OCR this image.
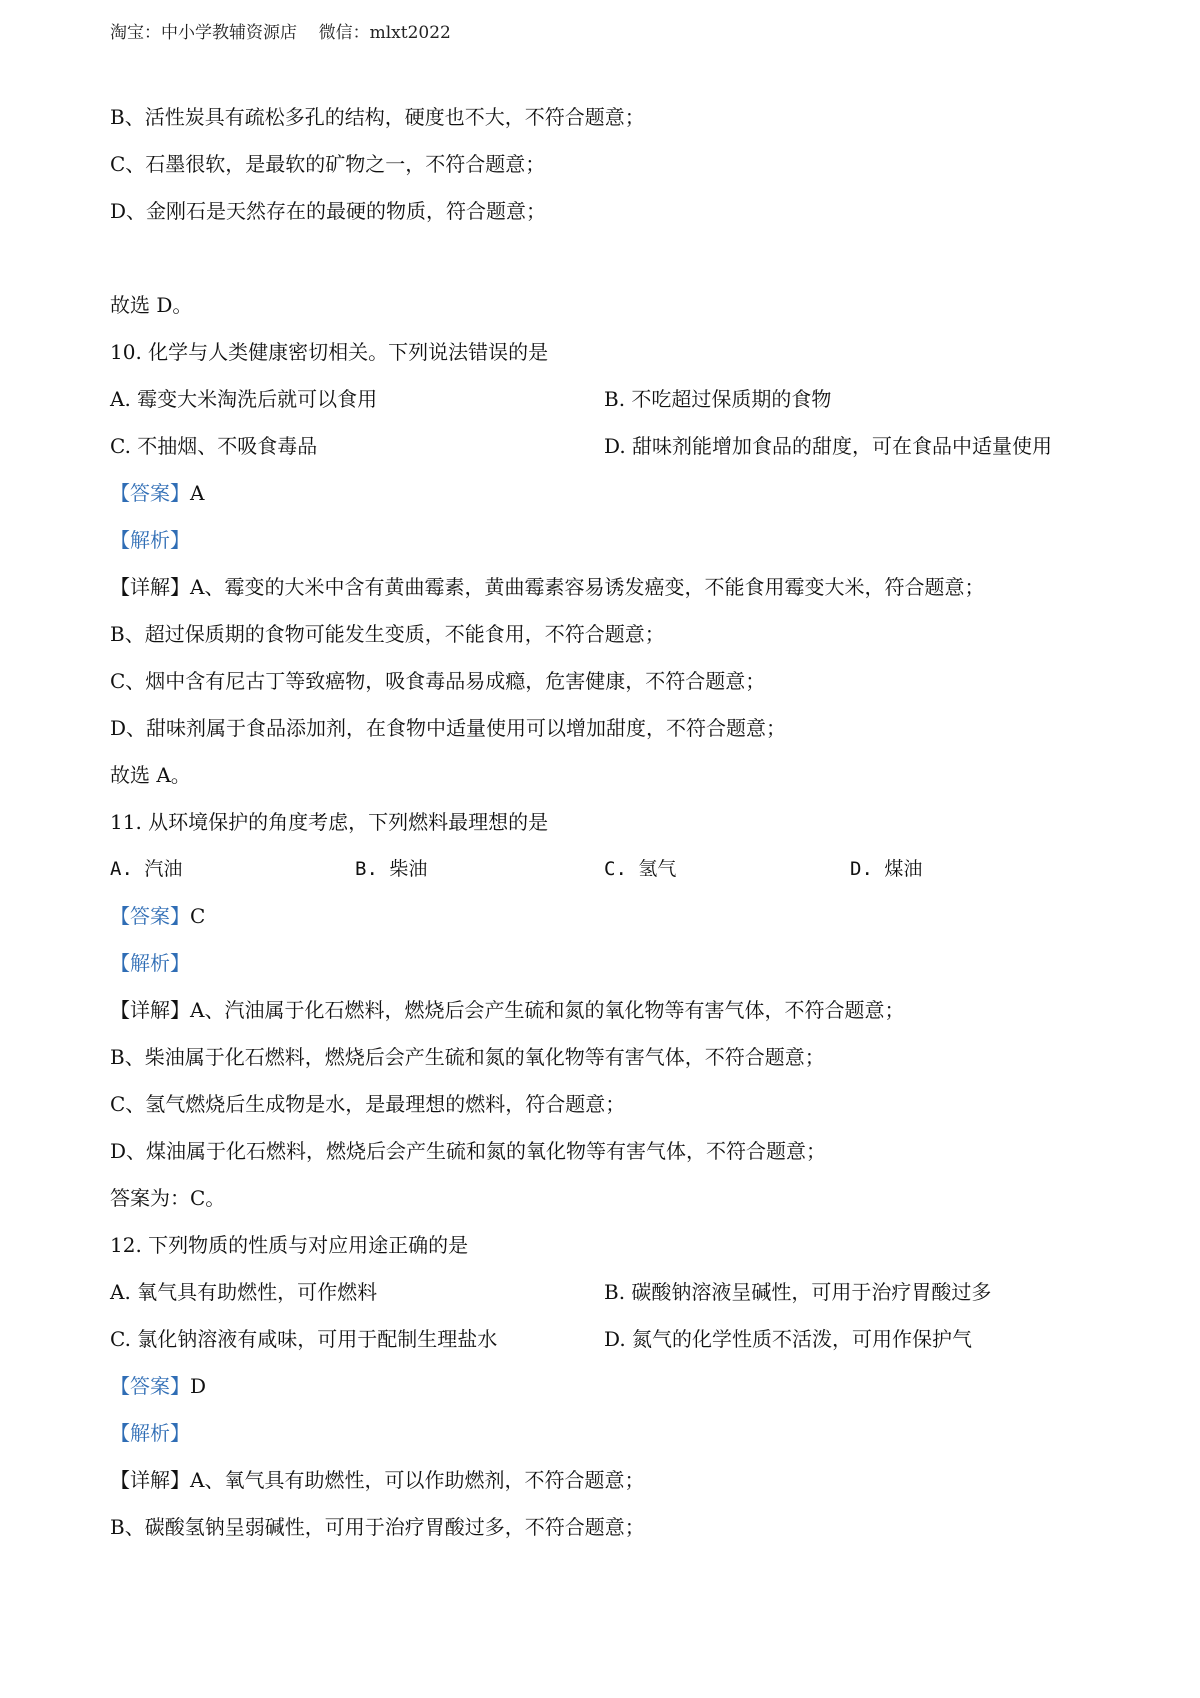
淘宝：中小学教辅资源店 微信：mlxt2022
B、活性炭具有疏松多孔的结构，硬度也不大，不符合题意；
C、石墨很软，是最软的矿物之一，不符合题意；
D、金刚石是天然存在的最硬的物质，符合题意；
故选 D。
10. 化学与人类健康密切相关。下列说法错误的是
A. 霉变大米淘洗后就可以食用	B. 不吃超过保质期的食物
C. 不抽烟、不吸食毒品	D. 甜味剂能增加食品的甜度，可在食品中适量使用
【答案】A
【解析】
【详解】A、霉变的大米中含有黄曲霉素，黄曲霉素容易诱发癌变，不能食用霉变大米，符合题意；
B、超过保质期的食物可能发生变质，不能食用，不符合题意；
C、烟中含有尼古丁等致癌物，吸食毒品易成瘾，危害健康，不符合题意；
D、甜味剂属于食品添加剂，在食物中适量使用可以增加甜度，不符合题意；
故选 A。
11. 从环境保护的角度考虑，下列燃料最理想的是
A. 汽油	B. 柴油	C. 氢气	D. 煤油
【答案】C
【解析】
【详解】A、汽油属于化石燃料，燃烧后会产生硫和氮的氧化物等有害气体，不符合题意；
B、柴油属于化石燃料，燃烧后会产生硫和氮的氧化物等有害气体，不符合题意；
C、氢气燃烧后生成物是水，是最理想的燃料，符合题意；
D、煤油属于化石燃料，燃烧后会产生硫和氮的氧化物等有害气体，不符合题意；
答案为：C。
12. 下列物质的性质与对应用途正确的是
A. 氧气具有助燃性，可作燃料	B. 碳酸钠溶液呈碱性，可用于治疗胃酸过多
C. 氯化钠溶液有咸味，可用于配制生理盐水	D. 氮气的化学性质不活泼，可用作保护气
【答案】D
【解析】
【详解】A、氧气具有助燃性，可以作助燃剂，不符合题意；
B、碳酸氢钠呈弱碱性，可用于治疗胃酸过多，不符合题意；
